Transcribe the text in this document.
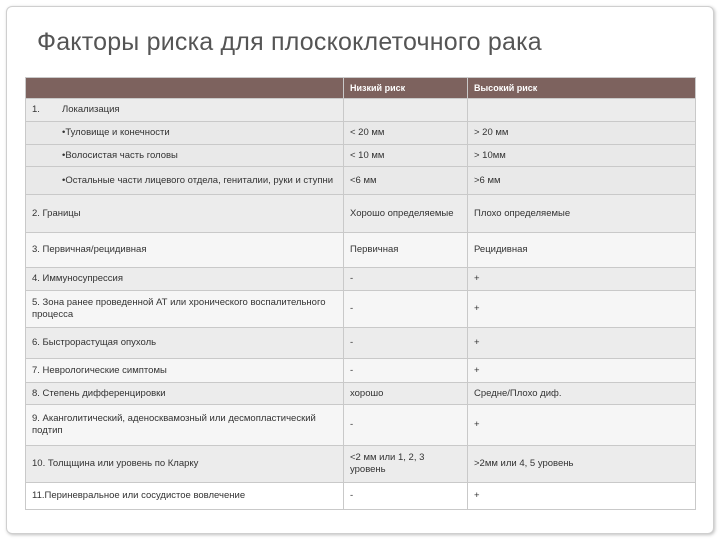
Факторы риска для плоскоклеточного рака
	Низкий риск	Высокий риск
1. Локализация		
•Туловище и конечности	< 20 мм	> 20 мм
•Волосистая часть головы	< 10 мм	> 10мм
•Остальные части лицевого отдела, гениталии, руки и ступни	<6 мм	>6 мм
2. Границы	Хорошо определяемые	Плохо определяемые
3. Первичная/рецидивная	Первичная	Рецидивная
4. Иммуносупрессия	-	+
5. Зона ранее проведенной АТ или хронического воспалительного процесса	-	+
6. Быстрорастущая опухоль	-	+
7. Неврологические симптомы	-	+
8. Степень дифференцировки	хорошо	Средне/Плохо диф.
9. Аканголитический, аденосквамозный или десмопластический подтип	-	+
10. Толщщина или уровень по Кларку	<2 мм или 1, 2, 3 уровень	>2мм или 4, 5 уровень
11.Периневральное или сосудистое вовлечение	-	+
